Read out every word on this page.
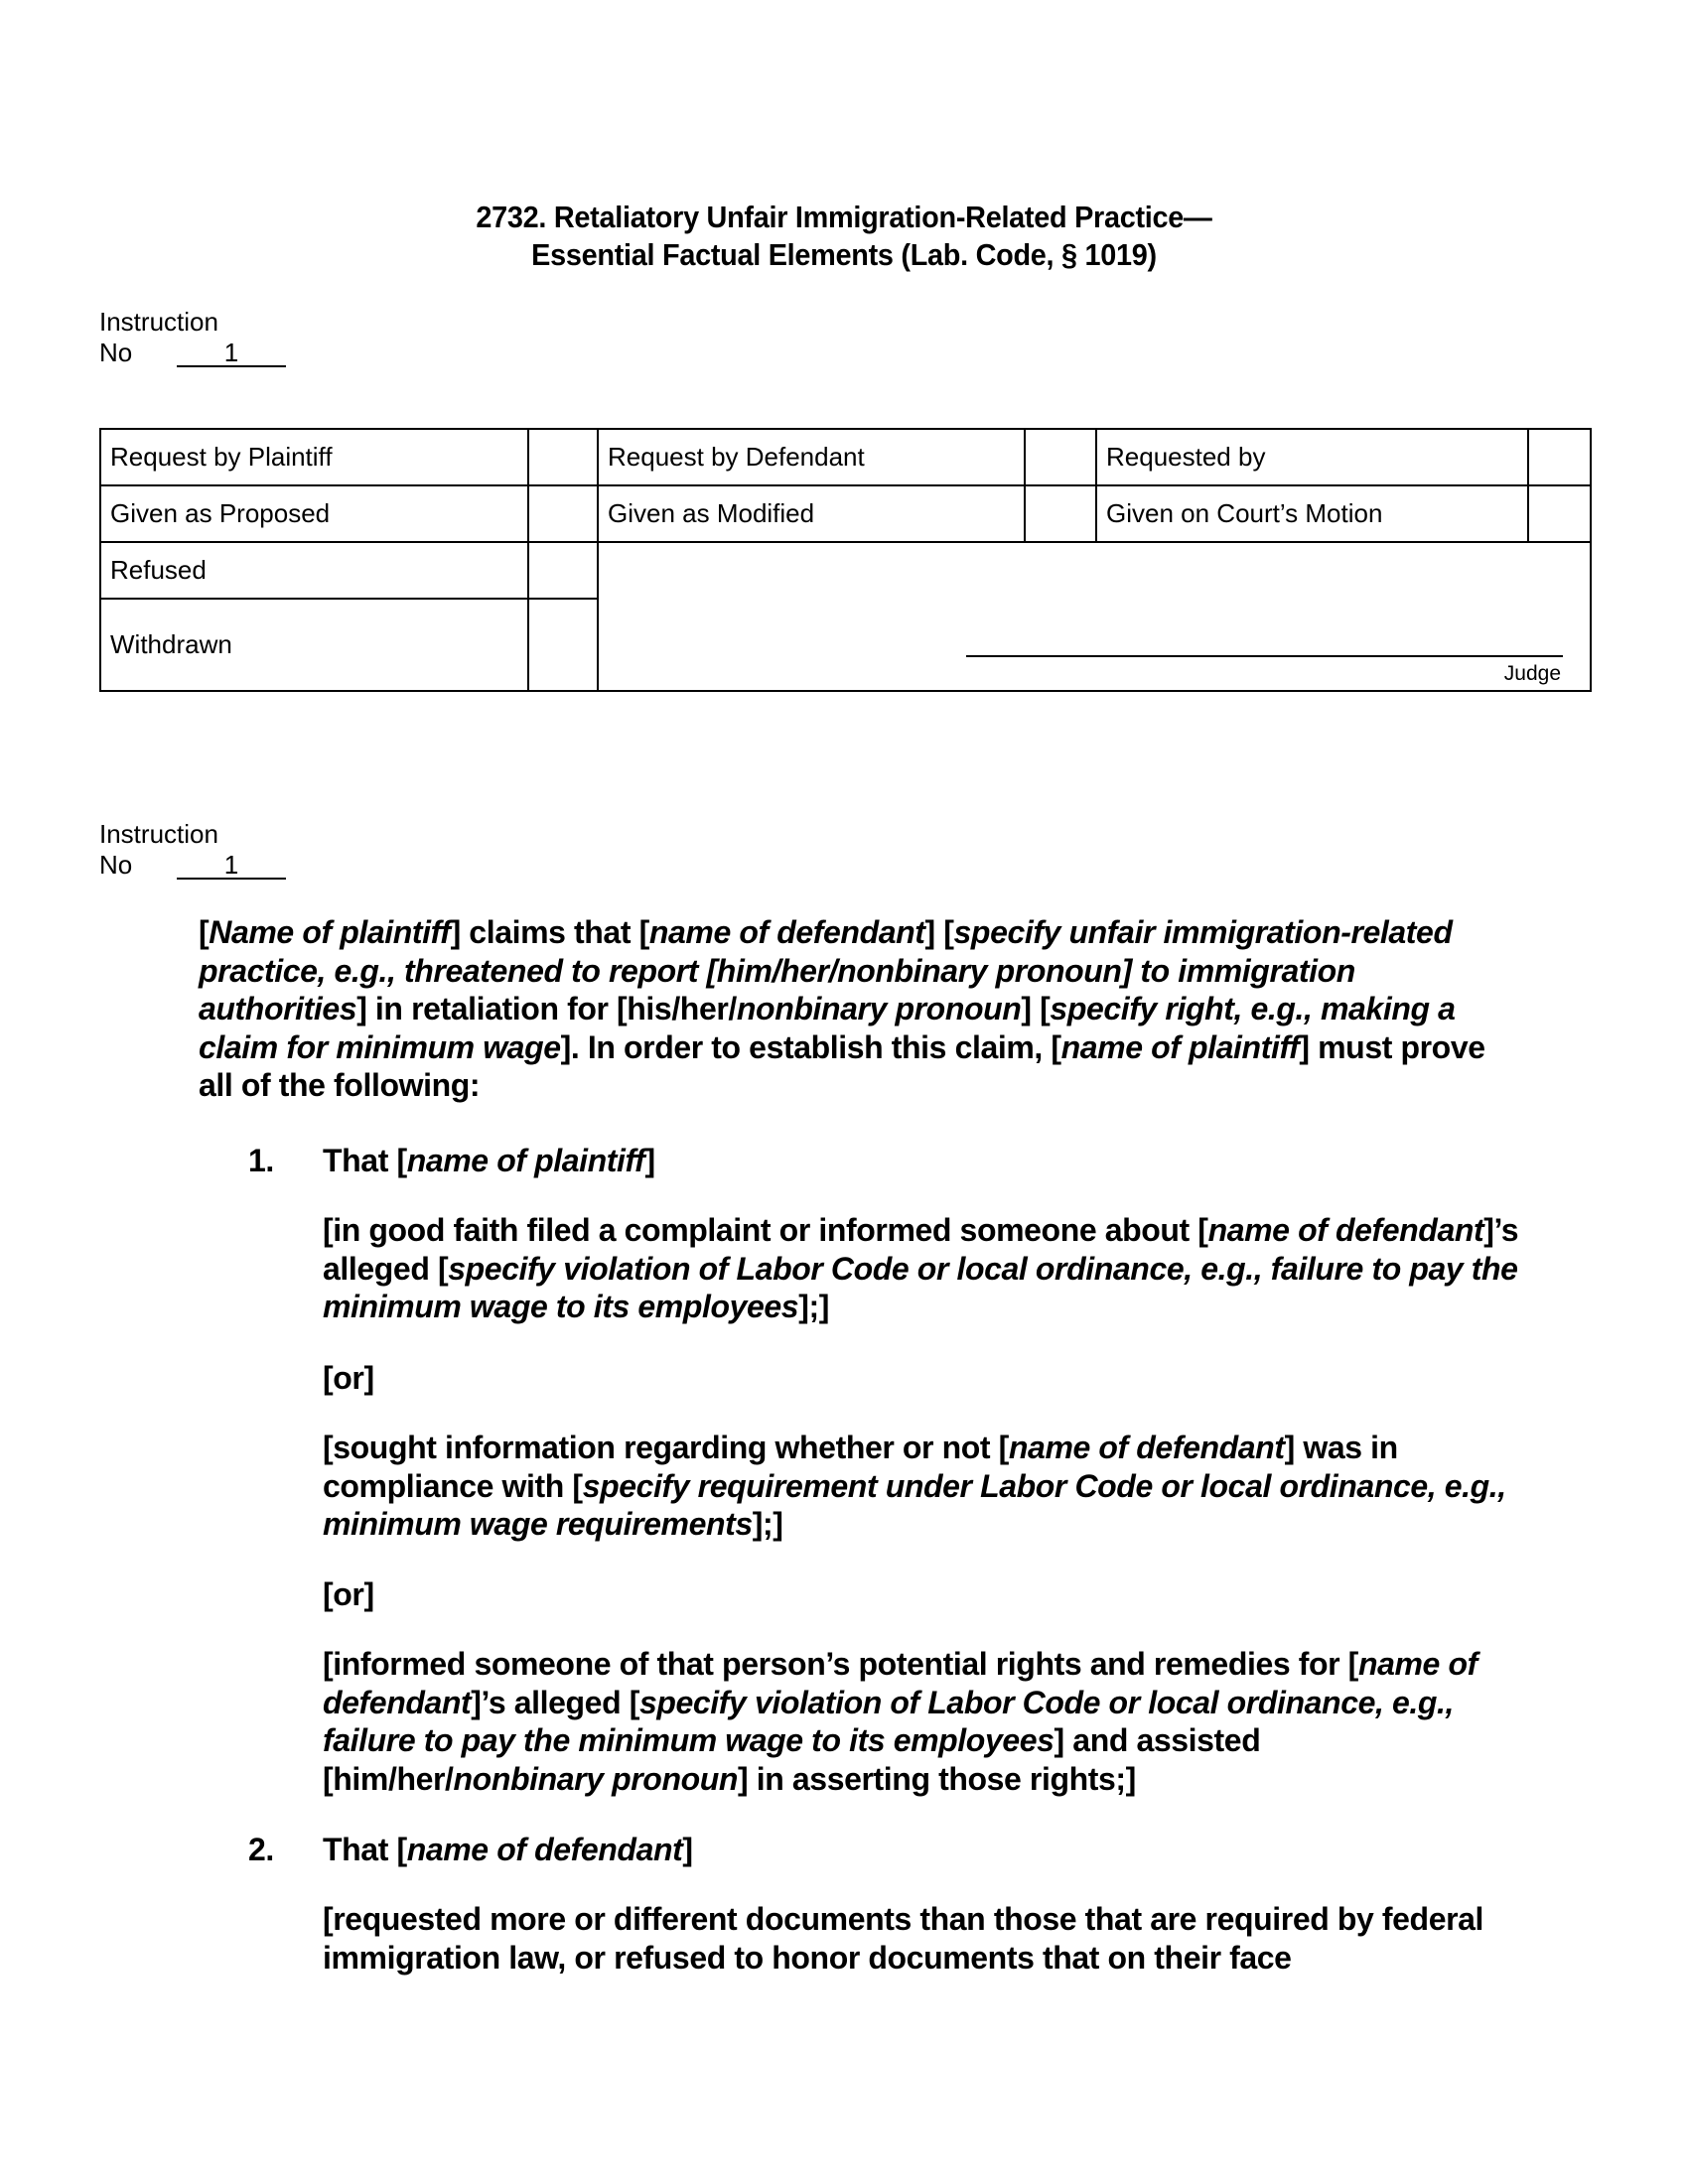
2732. Retaliatory Unfair Immigration-Related Practice—
Essential Factual Elements (Lab. Code, § 1019)
Instruction
No	1
Request by Plaintiff		Request by Defendant		Requested by	
Given as Proposed		Given as Modified		Given on Court’s Motion	
Refused		Judge			

Withdrawn					
Instruction
No	1

[Name of plaintiff] claims that [name of defendant] [specify unfair immigration-related practice, e.g., threatened to report [him/her/nonbinary pronoun] to immigration authorities] in retaliation for [his/her/nonbinary pronoun] [specify right, e.g., making a claim for minimum wage]. In order to establish this claim, [name of plaintiff] must prove all of the following:

1. That [name of plaintiff]
[in good faith filed a complaint or informed someone about [name of defendant]’s alleged [specify violation of Labor Code or local ordinance, e.g., failure to pay the minimum wage to its employees];]
[or]
[sought information regarding whether or not [name of defendant] was in compliance with [specify requirement under Labor Code or local ordinance, e.g., minimum wage requirements];]
[or]
[informed someone of that person’s potential rights and remedies for [name of defendant]’s alleged [specify violation of Labor Code or local ordinance, e.g., failure to pay the minimum wage to its employees] and assisted [him/her/nonbinary pronoun] in asserting those rights;]
2. That [name of defendant]
[requested more or different documents than those that are required by federal immigration law, or refused to honor documents that on their face
